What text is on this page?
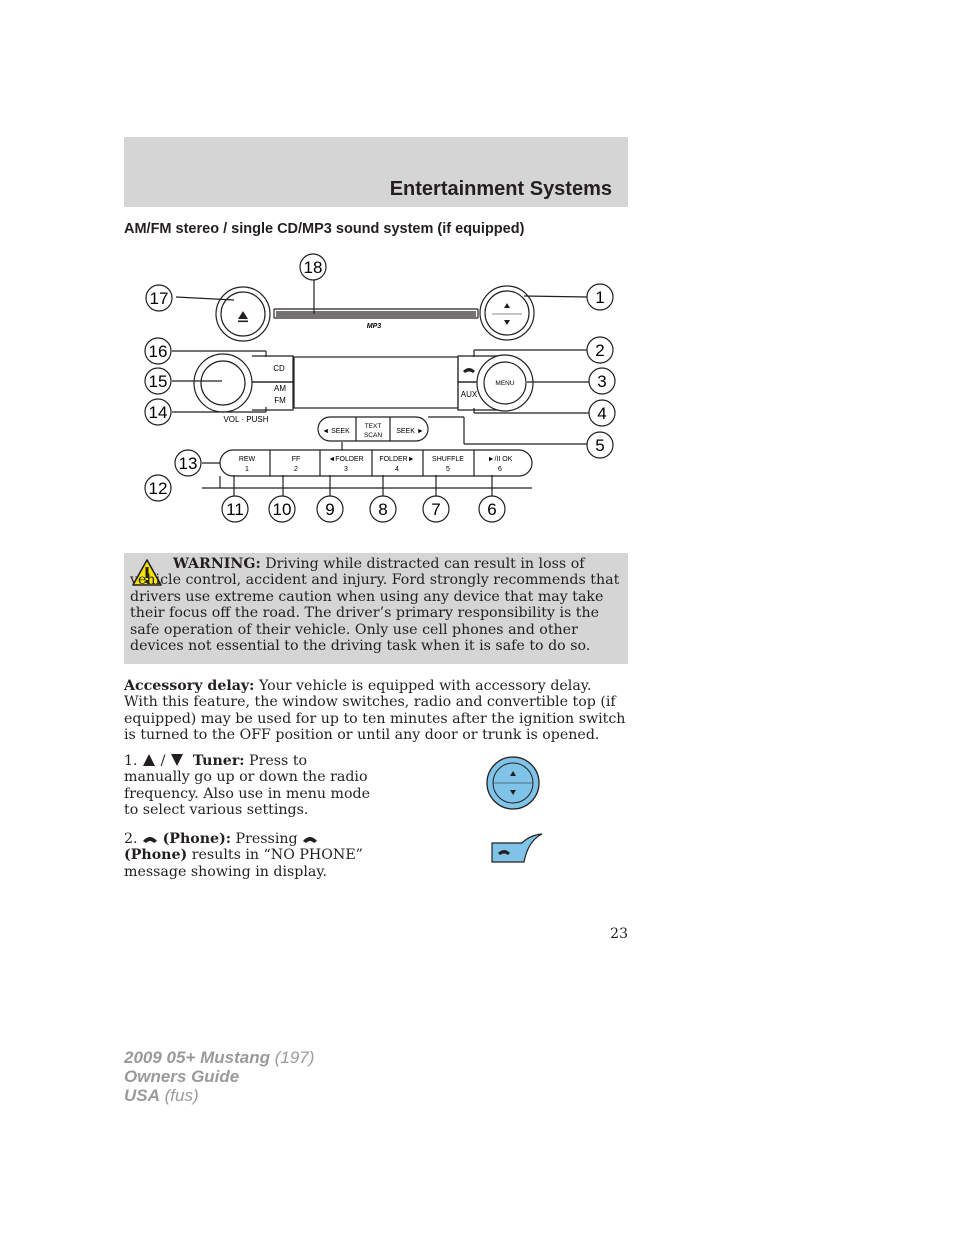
Entertainment Systems
AM/FM stereo / single CD/MP3 sound system (if equipped)
MP3
CD
AM
FM
VOL · PUSH
MENU
AUX
◄ SEEK
TEXT
SCAN
SEEK ►
REW
1
FF
2
◄FOLDER
3
FOLDER►
4
SHUFFLE
5
►/II OK
6
1
2
3
4
5
6
7
8
9
10
11
12
13
14
15
16
17
18

WARNING: Driving while distracted can result in loss of vehicle control, accident and injury. Ford strongly recommends that drivers use extreme caution when using any device that may take their focus off the road. The driver’s primary responsibility is the safe operation of their vehicle. Only use cell phones and other devices not essential to the driving task when it is safe to do so.

Accessory delay: Your vehicle is equipped with accessory delay. With this feature, the window switches, radio and convertible top (if equipped) may be used for up to ten minutes after the ignition switch is turned to the OFF position or until any door or trunk is opened.

1. / Tuner: Press to manually go up or down the radio frequency. Also use in menu mode to select various settings.

2. (Phone): Pressing  (Phone) results in “NO PHONE” message showing in display.

23

2009 05+ Mustang (197)
Owners Guide
USA (fus)
